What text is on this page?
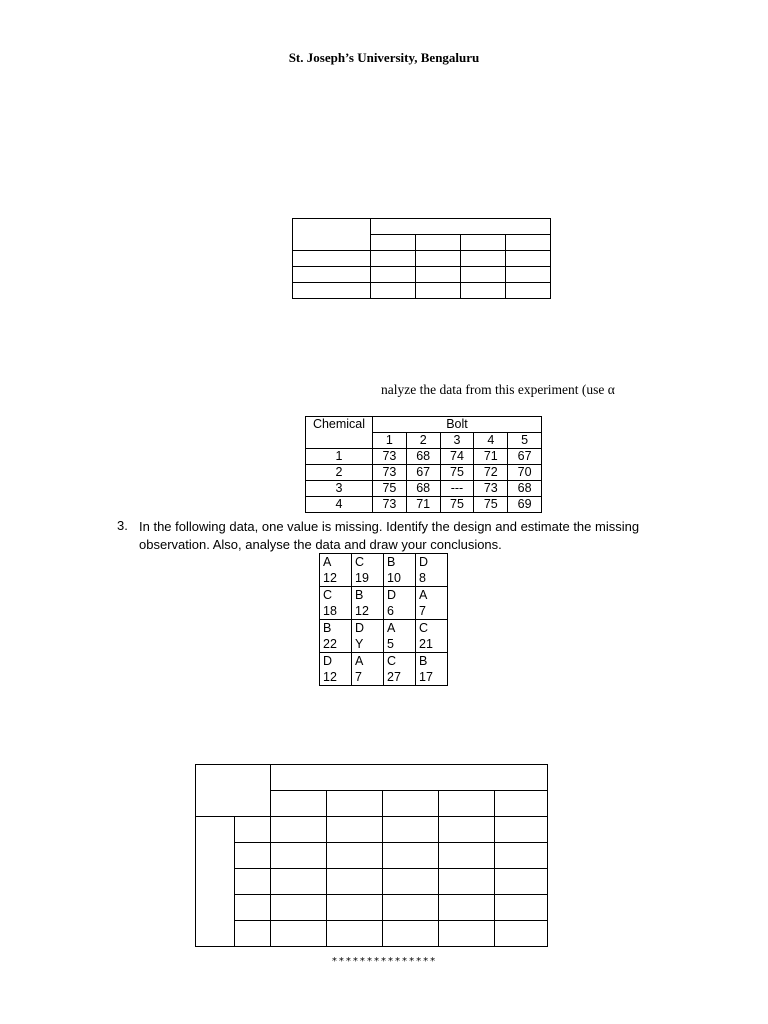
St. Joseph’s University, Bengaluru

nalyze the data from this experiment (use α
Chemical	Bolt				
	1	2	3	4	5
1	73	68	74	71	67
2	73	67	75	72	70
3	75	68	---	73	68
4	73	71	75	75	69
3. In the following data, one value is missing. Identify the design and estimate the missing observation. Also, analyse the data and draw your conclusions.
A	C	B	D
12	19	10	8
C	B	D	A
18	12	6	7
B	D	A	C
22	Y	5	21
D	A	C	B
12	7	27	17

***************
